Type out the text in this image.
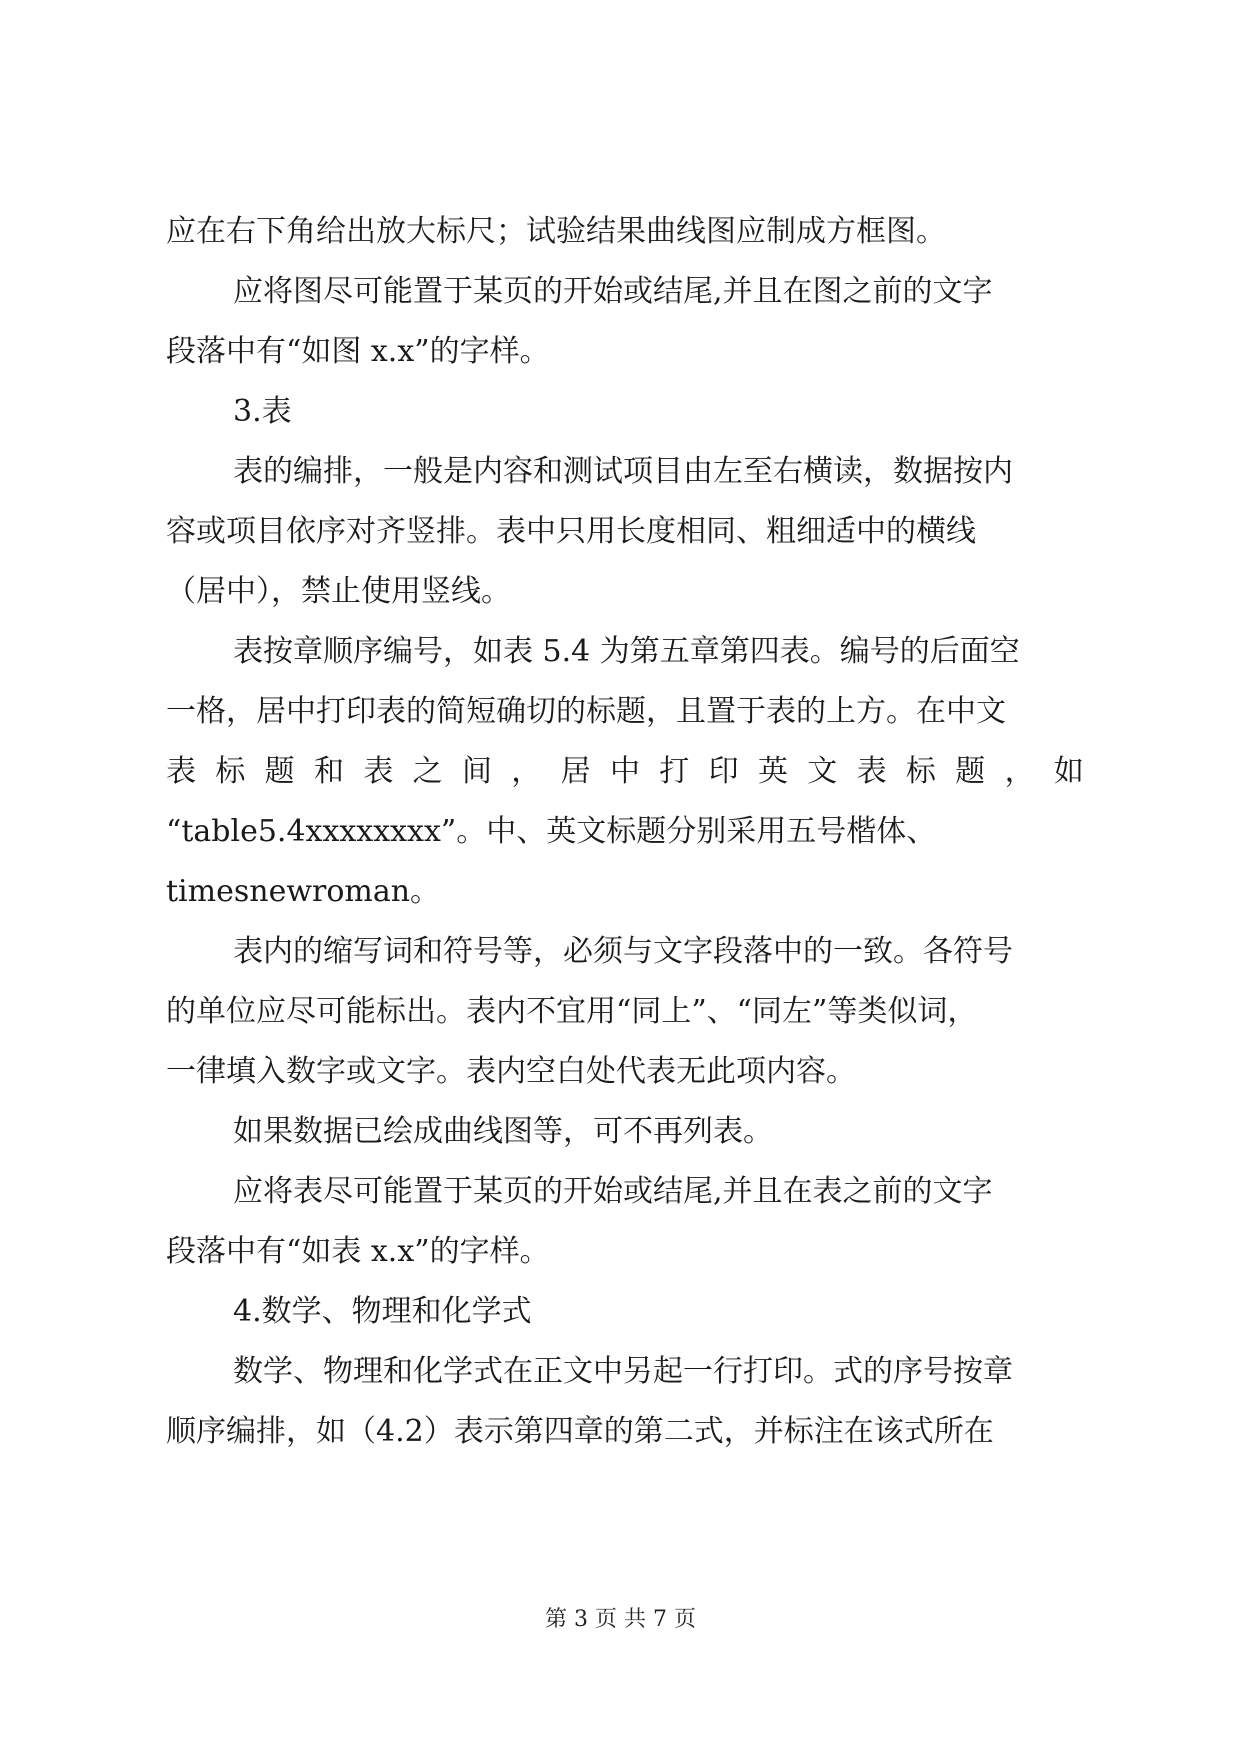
应在右下角给出放大标尺；试验结果曲线图应制成方框图。
应将图尽可能置于某页的开始或结尾,并且在图之前的文字
段落中有“如图 x.x”的字样。
3.表
表的编排，一般是内容和测试项目由左至右横读，数据按内
容或项目依序对齐竖排。表中只用长度相同、粗细适中的横线
（居中），禁止使用竖线。
表按章顺序编号，如表 5.4 为第五章第四表。编号的后面空
一格，居中打印表的简短确切的标题，且置于表的上方。在中文
表 标 题 和 表 之 间 ， 居 中 打 印 英 文 表 标 题 ， 如
“table5.4xxxxxxxx”。中、英文标题分别采用五号楷体、
timesnewroman。
表内的缩写词和符号等，必须与文字段落中的一致。各符号
的单位应尽可能标出。表内不宜用“同上”、“同左”等类似词，
一律填入数字或文字。表内空白处代表无此项内容。
如果数据已绘成曲线图等，可不再列表。
应将表尽可能置于某页的开始或结尾,并且在表之前的文字
段落中有“如表 x.x”的字样。
4.数学、物理和化学式
数学、物理和化学式在正文中另起一行打印。式的序号按章
顺序编排，如（4.2）表示第四章的第二式，并标注在该式所在
第 3 页 共 7 页
